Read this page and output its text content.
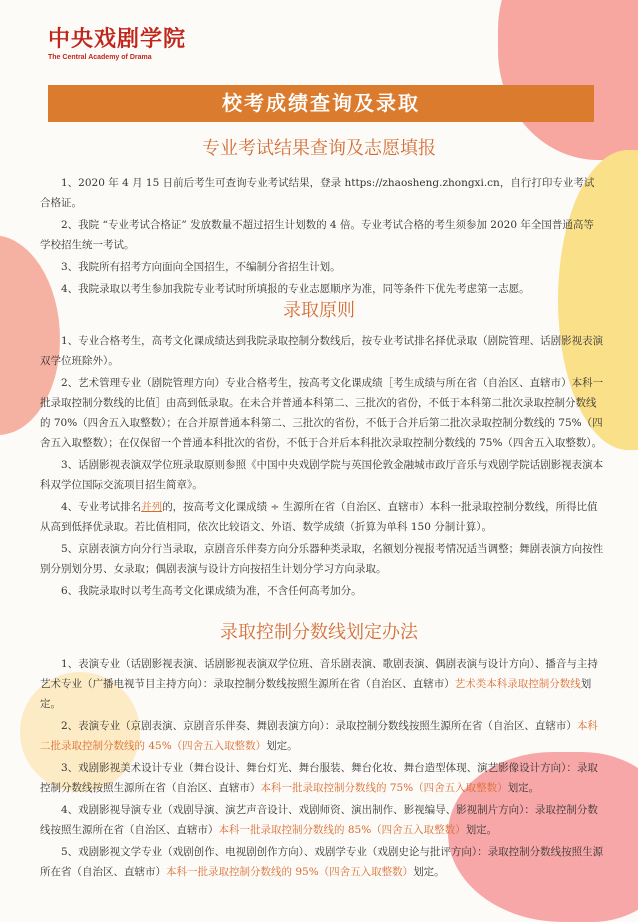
中央戏剧学院
The Central Academy of Drama
校考成绩查询及录取
专业考试结果查询及志愿填报

1、2020 年 4 月 15 日前后考生可查询专业考试结果，登录 https://zhaosheng.zhongxi.cn，自行打印专业考试合格证。

2、我院 “专业考试合格证” 发放数量不超过招生计划数的 4 倍。专业考试合格的考生须参加 2020 年全国普通高等学校招生统一考试。

3、我院所有招考方向面向全国招生，不编制分省招生计划。

4、我院录取以考生参加我院专业考试时所填报的专业志愿顺序为准，同等条件下优先考虑第一志愿。

录取原则

1、专业合格考生，高考文化课成绩达到我院录取控制分数线后，按专业考试排名择优录取（剧院管理、话剧影视表演双学位班除外）。

2、艺术管理专业（剧院管理方向）专业合格考生，按高考文化课成绩［考生成绩与所在省（自治区、直辖市）本科一批录取控制分数线的比值］由高到低录取。在未合并普通本科第二、三批次的省份，不低于本科第二批次录取控制分数线的 70%（四舍五入取整数）；在合并原普通本科第二、三批次的省份，不低于合并后第二批次录取控制分数线的 75%（四舍五入取整数）；在仅保留一个普通本科批次的省份，不低于合并后本科批次录取控制分数线的 75%（四舍五入取整数）。

3、话剧影视表演双学位班录取原则参照《中国中央戏剧学院与英国伦敦金融城市政厅音乐与戏剧学院话剧影视表演本科双学位国际交流项目招生简章》。

4、专业考试排名并列的，按高考文化课成绩 ÷ 生源所在省（自治区、直辖市）本科一批录取控制分数线，所得比值从高到低择优录取。若比值相同，依次比较语文、外语、数学成绩（折算为单科 150 分制计算）。

5、京剧表演方向分行当录取，京剧音乐伴奏方向分乐器种类录取，名额划分视报考情况适当调整；舞剧表演方向按性别分别划分男、女录取；偶剧表演与设计方向按招生计划分学习方向录取。

6、我院录取时以考生高考文化课成绩为准，不含任何高考加分。

录取控制分数线划定办法

1、表演专业（话剧影视表演、话剧影视表演双学位班、音乐剧表演、歌剧表演、偶剧表演与设计方向）、播音与主持艺术专业（广播电视节目主持方向）：录取控制分数线按照生源所在省（自治区、直辖市）艺术类本科录取控制分数线划定。

2、表演专业（京剧表演、京剧音乐伴奏、舞剧表演方向）：录取控制分数线按照生源所在省（自治区、直辖市）本科二批录取控制分数线的 45%（四舍五入取整数）划定。

3、戏剧影视美术设计专业（舞台设计、舞台灯光、舞台服装、舞台化妆、舞台造型体现、演艺影像设计方向）：录取控制分数线按照生源所在省（自治区、直辖市）本科一批录取控制分数线的 75%（四舍五入取整数）划定。

4、戏剧影视导演专业（戏剧导演、演艺声音设计、戏剧师资、演出制作、影视编导、影视制片方向）：录取控制分数线按照生源所在省（自治区、直辖市）本科一批录取控制分数线的 85%（四舍五入取整数）划定。

5、戏剧影视文学专业（戏剧创作、电视剧创作方向）、戏剧学专业（戏剧史论与批评方向）：录取控制分数线按照生源所在省（自治区、直辖市）本科一批录取控制分数线的 95%（四舍五入取整数）划定。
